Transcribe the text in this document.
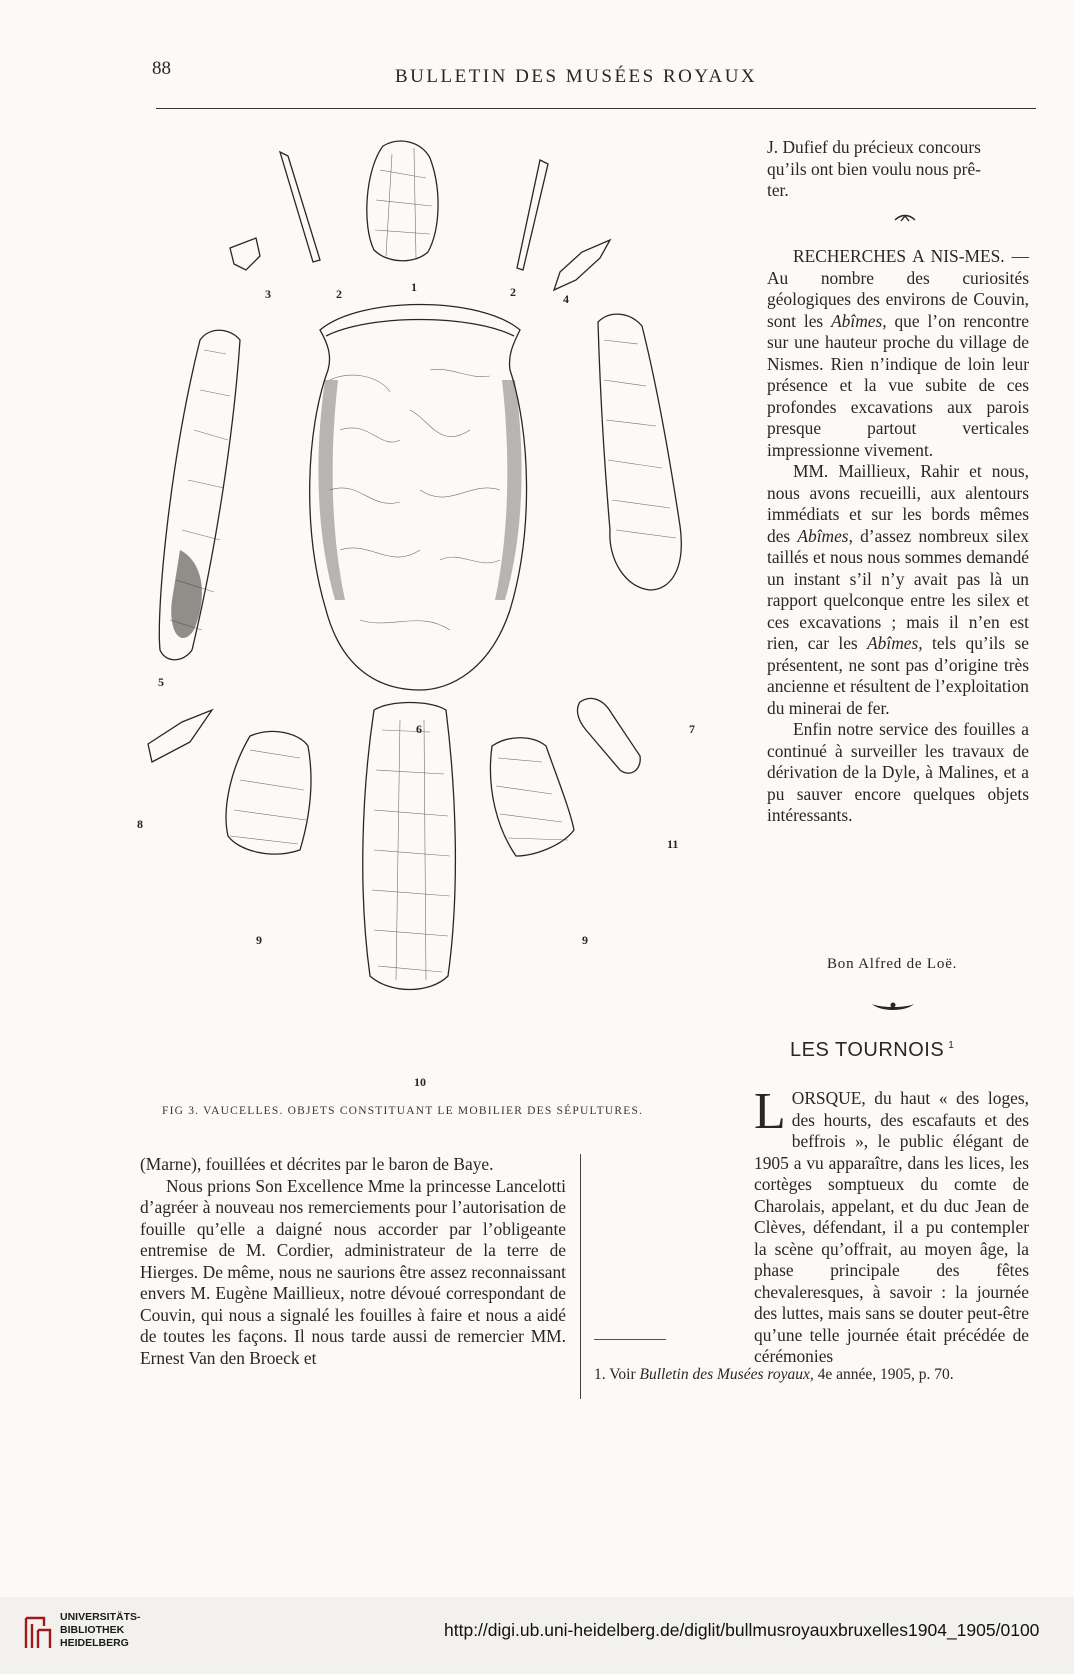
88	BULLETIN DES MUSÉES ROYAUX
3	2	1	2	4
5
6	7
8
9
10
9
11
FIG 3. VAUCELLES. OBJETS CONSTITUANT LE MOBILIER DES SÉPULTURES.
J. Dufief du précieux concours
qu’ils ont bien voulu nous prê-
ter.

RECHERCHES A NIS-MES. — Au nombre des curiosités géologiques des environs de Couvin, sont les Abîmes, que l’on rencontre sur une hauteur proche du village de Nismes. Rien n’indique de loin leur présence et la vue subite de ces profondes excavations aux parois presque partout verticales impressionne vivement.

MM. Maillieux, Rahir et nous, nous avons recueilli, aux alentours immédiats et sur les bords mêmes des Abîmes, d’assez nombreux silex taillés et nous nous sommes demandé un instant s’il n’y avait pas là un rapport quelconque entre les silex et ces excavations ; mais il n’en est rien, car les Abîmes, tels qu’ils se présentent, ne sont pas d’origine très ancienne et résultent de l’exploitation du minerai de fer.

Enfin notre service des fouilles a continué à surveiller les travaux de dérivation de la Dyle, à Malines, et a pu sauver encore quelques objets intéressants.

Bon Alfred de Loë.
LES TOURNOIS $^1$
LORSQUE, du haut « des loges, des hourts, des escafauts et des beffrois », le public élégant de 1905 a vu apparaître, dans les lices, les cortèges somptueux du comte de Charolais, appelant, et du duc Jean de Clèves, défendant, il a pu contempler la scène qu’offrait, au moyen âge, la phase principale des fêtes chevaleresques, à savoir : la journée des luttes, mais sans se douter peut-être qu’une telle journée était précédée de cérémonies

(Marne), fouillées et décrites par le baron de Baye.

Nous prions Son Excellence Mme la princesse Lancelotti d’agréer à nouveau nos remerciements pour l’autorisation de fouille qu’elle a daigné nous accorder par l’obligeante entremise de M. Cordier, administrateur de la terre de Hierges. De même, nous ne saurions être assez reconnaissant envers M. Eugène Maillieux, notre dévoué correspondant de Couvin, qui nous a signalé les fouilles à faire et nous a aidé de toutes les façons. Il nous tarde aussi de remercier MM. Ernest Van den Broeck et

1. Voir Bulletin des Musées royaux, 4e année, 1905, p. 70.
UNIVERSITÄTS-
BIBLIOTHEK
HEIDELBERG
http://digi.ub.uni-heidelberg.de/diglit/bullmusroyauxbruxelles1904_1905/0100
